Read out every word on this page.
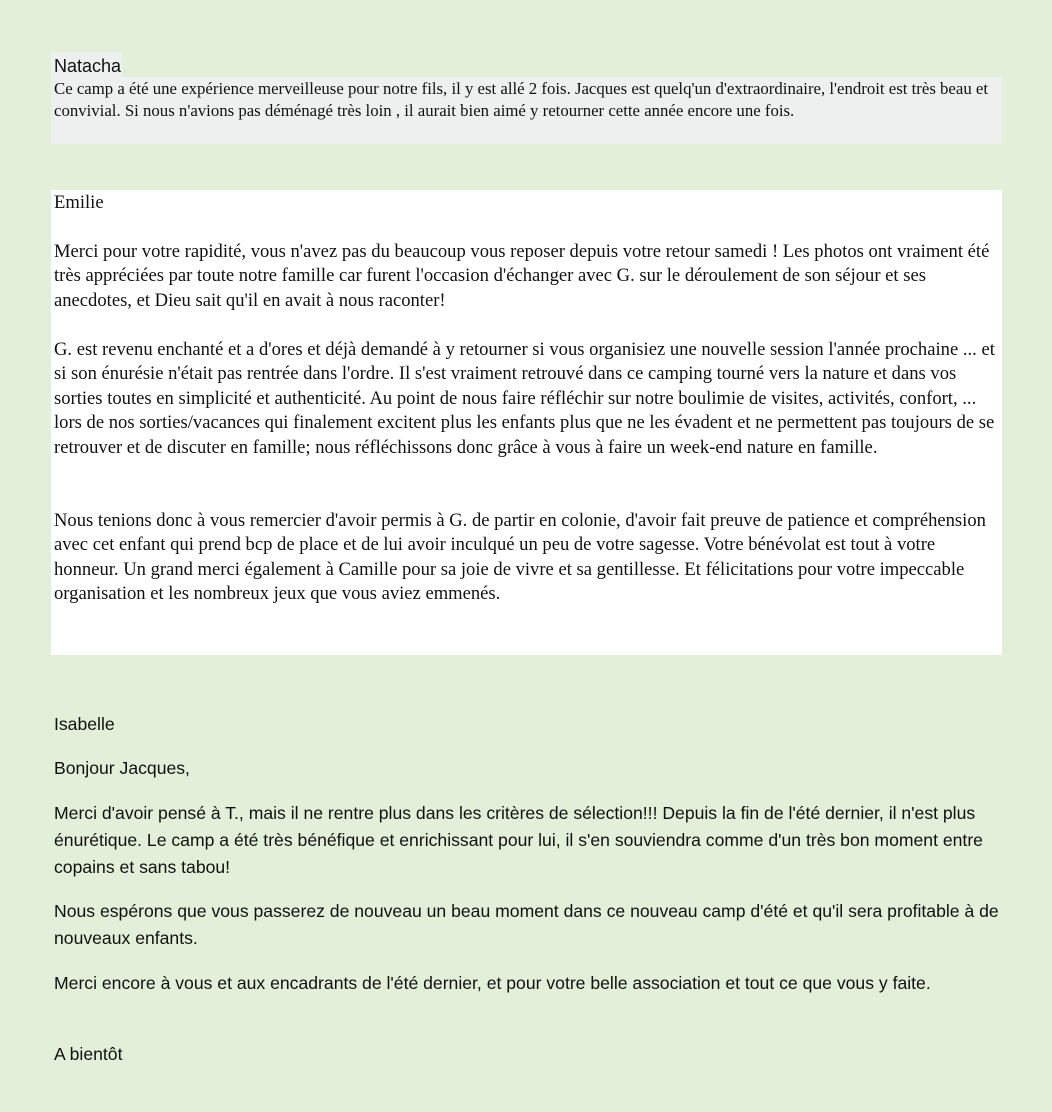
Natacha

Ce camp a été une expérience merveilleuse pour notre fils, il y est allé 2 fois. Jacques est quelq'un d'extraordinaire, l'endroit est très beau et convivial. Si nous n'avions pas déménagé très loin , il aurait bien aimé y retourner cette année encore une fois.

Emilie

Merci pour votre rapidité, vous n'avez pas du beaucoup vous reposer depuis votre retour samedi ! Les photos ont vraiment été très appréciées par toute notre famille car furent l'occasion d'échanger avec G. sur le déroulement de son séjour et ses anecdotes, et Dieu sait qu'il en avait à nous raconter!

G. est revenu enchanté et a d'ores et déjà demandé à y retourner si vous organisiez une nouvelle session l'année prochaine ... et si son énurésie n'était pas rentrée dans l'ordre. Il s'est vraiment retrouvé dans ce camping tourné vers la nature et dans vos sorties toutes en simplicité et authenticité. Au point de nous faire réfléchir sur notre boulimie de visites, activités, confort, ... lors de nos sorties/vacances qui finalement excitent plus les enfants plus que ne les évadent et ne permettent pas toujours de se retrouver et de discuter en famille; nous réfléchissons donc grâce à vous à faire un week-end nature en famille.

Nous tenions donc à vous remercier d'avoir permis à G. de partir en colonie, d'avoir fait preuve de patience et compréhension avec cet enfant qui prend bcp de place et de lui avoir inculqué un peu de votre sagesse. Votre bénévolat est tout à votre honneur. Un grand merci également à Camille pour sa joie de vivre et sa gentillesse. Et félicitations pour votre impeccable organisation et les nombreux jeux que vous aviez emmenés.

Isabelle
Bonjour Jacques,

Merci d'avoir pensé à T., mais il ne rentre plus dans les critères de sélection!!! Depuis la fin de l'été dernier, il n'est plus énurétique. Le camp a été très bénéfique et enrichissant pour lui, il s'en souviendra comme d'un très bon moment entre copains et sans tabou!

Nous espérons que vous passerez de nouveau un beau moment dans ce nouveau camp d'été et qu'il sera profitable à de nouveaux enfants.

Merci encore à vous et aux encadrants de l'été dernier, et pour votre belle association et tout ce que vous y faite.

A bientôt
